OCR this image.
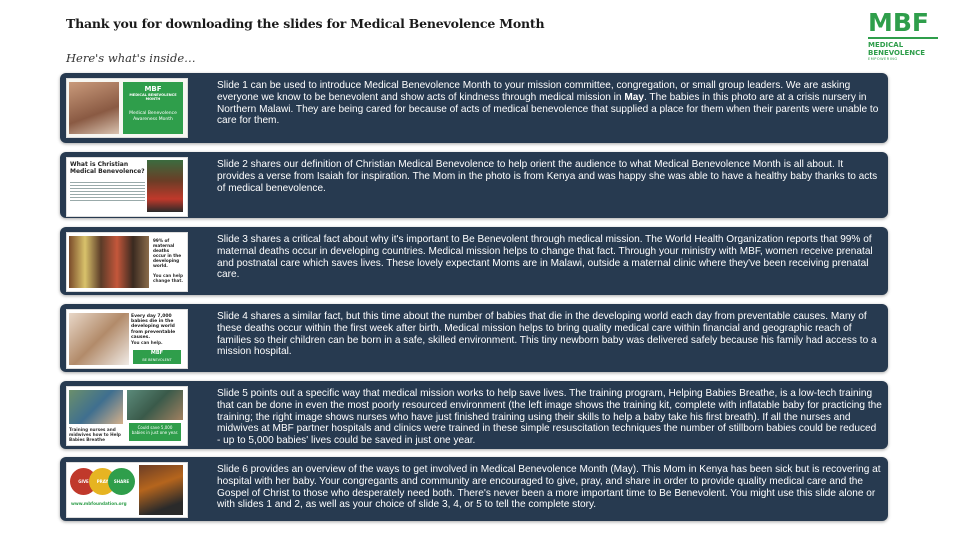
Thank you for downloading the slides for Medical Benevolence Month
Here's what's inside…
MBF
MEDICAL
BENEVOLENCE
EMPOWERING
MBF
MEDICAL BENEVOLENCE MONTH
Medical Benevolence Awareness Month
Slide 1 can be used to introduce Medical Benevolence Month to your mission committee, congregation, or small group leaders. We are asking everyone we know to be benevolent and show acts of kindness through medical mission in May. The babies in this photo are at a crisis nursery in Northern Malawi. They are being cared for because of acts of medical benevolence that supplied a place for them when their parents were unable to care for them.
What is Christian Medical Benevolence?
Slide 2 shares our definition of Christian Medical Benevolence to help orient the audience to what Medical Benevolence Month is all about. It provides a verse from Isaiah for inspiration. The Mom in the photo is from Kenya and was happy she was able to have a healthy baby thanks to acts of medical benevolence.
99% of maternal deaths occur in the developing world.
You can help change that.
Slide 3 shares a critical fact about why it's important to Be Benevolent through medical mission. The World Health Organization reports that 99% of maternal deaths occur in developing countries. Medical mission helps to change that fact. Through your ministry with MBF, women receive prenatal and postnatal care which saves lives. These lovely expectant Moms are in Malawi, outside a maternal clinic where they've been receiving prenatal care.
Every day 7,000 babies die in the developing world from preventable causes.
You can help.
MBF
BE BENEVOLENT
Slide 4 shares a similar fact, but this time about the number of babies that die in the developing world each day from preventable causes. Many of these deaths occur within the first week after birth. Medical mission helps to bring quality medical care within financial and geographic reach of families so their children can be born in a safe, skilled environment. This tiny newborn baby was delivered safely because his family had access to a mission hospital.
Training nurses and midwives how to Help Babies Breathe
Could save 5,000 babies in just one year.
Slide 5 points out a specific way that medical mission works to help save lives. The training program, Helping Babies Breathe, is a low-tech training that can be done in even the most poorly resourced environment (the left image shows the training kit, complete with inflatable baby for practicing the training; the right image shows nurses who have just finished training using their skills to help a baby take his first breath). If all the nurses and midwives at MBF partner hospitals and clinics were trained in these simple resuscitation techniques the number of stillborn babies could be reduced - up to 5,000 babies' lives could be saved in just one year.
GIVE	PRAY	SHARE
www.mbfoundation.org
Slide 6 provides an overview of the ways to get involved in Medical Benevolence Month (May). This Mom in Kenya has been sick but is recovering at hospital with her baby. Your congregants and community are encouraged to give, pray, and share in order to provide quality medical care and the Gospel of Christ to those who desperately need both. There's never been a more important time to Be Benevolent. You might use this slide alone or with slides 1 and 2, as well as your choice of slide 3, 4, or 5 to tell the complete story.
